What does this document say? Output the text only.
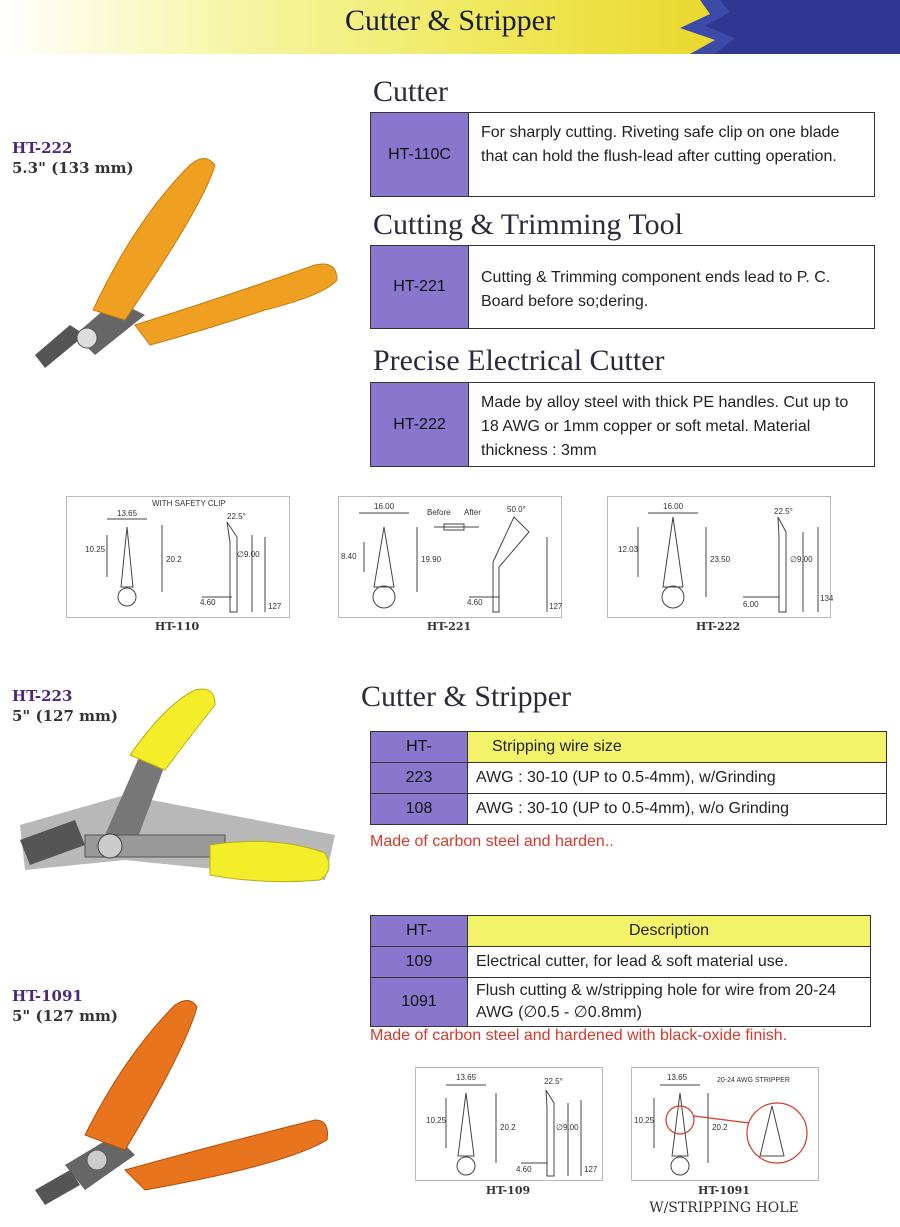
Cutter & Stripper
HT-222
5.3" (133 mm)
HT-223
5" (127 mm)
HT-1091
5" (127 mm)
Cutter
HT-110C
For sharply cutting. Riveting safe clip on one blade that can hold the flush-lead after cutting operation.
Cutting & Trimming Tool
HT-221
Cutting & Trimming component ends lead to P. C. Board before so;dering.
Precise Electrical Cutter
HT-222
Made by alloy steel with thick PE handles. Cut up to 18 AWG or 1mm copper or soft metal. Material thickness : 3mm
13.65
WITH SAFETY CLIP
22.5°
10.25
20.2
∅9.00
4.60	127
HT-110
16.00
Before After	50.0°
8.40	19.90
4.60	127
HT-221
16.00
22.5°
12.03
23.50	∅9.00
6.00
134
HT-222
Cutter & Stripper
HT-	Stripping wire size
223	AWG : 30-10 (UP to 0.5-4mm), w/Grinding
108	AWG : 30-10 (UP to 0.5-4mm), w/o Grinding
Made of carbon steel and harden..
HT-	Description
109	Electrical cutter, for lead & soft material use.
1091	Flush cutting & w/stripping hole for wire from 20-24 AWG (∅0.5 - ∅0.8mm)
Made of carbon steel and hardened with black-oxide finish.
13.65	22.5°
10.25
20.2	∅9.00
4.60	127
HT-109
13.65
10.25
20.2
20-24 AWG STRIPPER
HT-1091
W/STRIPPING HOLE
